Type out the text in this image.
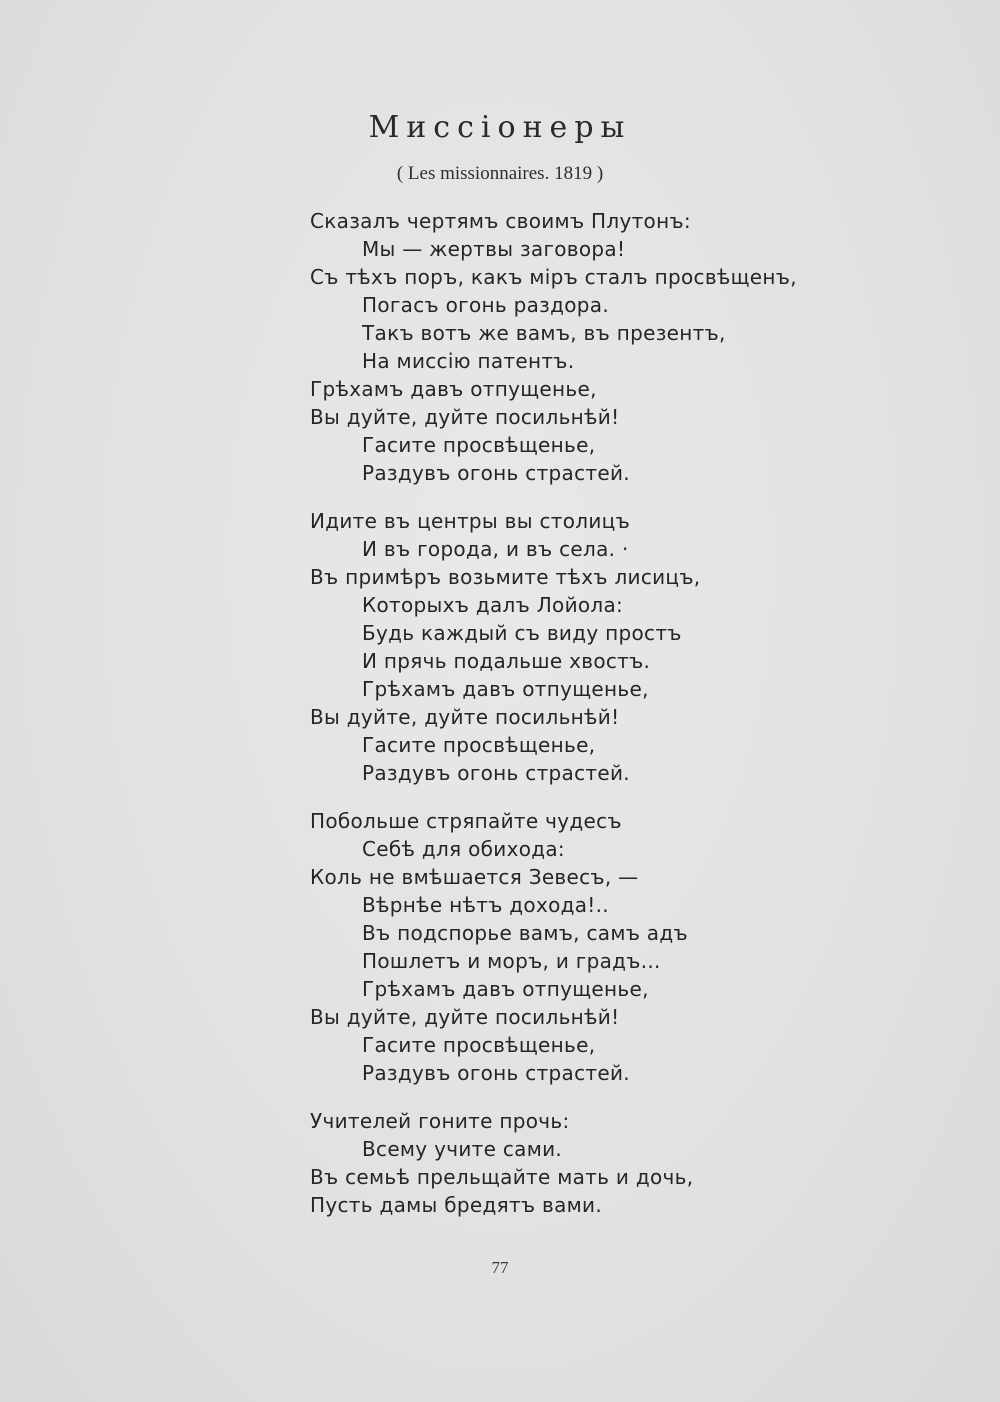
Миссіонеры
( Les missionnaires. 1819 )
Сказалъ чертямъ своимъ Плутонъ:
Мы — жертвы заговора!
Съ тѣхъ поръ, какъ міръ сталъ просвѣщенъ,
Погасъ огонь раздора.
Такъ вотъ же вамъ, въ презентъ,
На миссію патентъ.
Грѣхамъ давъ отпущенье,
Вы дуйте, дуйте посильнѣй!
Гасите просвѣщенье,
Раздувъ огонь страстей.
Идите въ центры вы столицъ
И въ города, и въ села. ·
Въ примѣръ возьмите тѣхъ лисицъ,
Которыхъ далъ Лойола:
Будь каждый съ виду простъ
И прячь подальше хвостъ.
Грѣхамъ давъ отпущенье,
Вы дуйте, дуйте посильнѣй!
Гасите просвѣщенье,
Раздувъ огонь страстей.
Побольше стряпайте чудесъ
Себѣ для обихода:
Коль не вмѣшается Зевесъ, —
Вѣрнѣе нѣтъ дохода!..
Въ подспорье вамъ, самъ адъ
Пошлетъ и моръ, и градъ...
Грѣхамъ давъ отпущенье,
Вы дуйте, дуйте посильнѣй!
Гасите просвѣщенье,
Раздувъ огонь страстей.
Учителей гоните прочь:
Всему учите сами.
Въ семьѣ прельщайте мать и дочь,
Пусть дамы бредятъ вами.
77
